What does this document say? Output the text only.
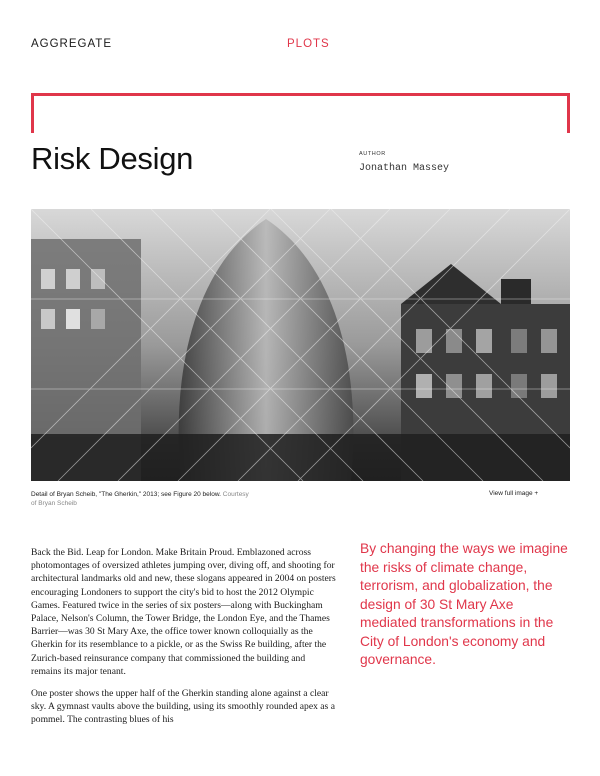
AGGREGATE	PLOTS
Risk Design	AUTHOR
Jonathan Massey
Detail of Bryan Scheib, "The Gherkin," 2013; see Figure 20 below. Courtesy of Bryan Scheib
View full image +

Back the Bid. Leap for London. Make Britain Proud. Emblazoned across photomontages of oversized athletes jumping over, diving off, and shooting for architectural landmarks old and new, these slogans appeared in 2004 on posters encouraging Londoners to support the city's bid to host the 2012 Olympic Games. Featured twice in the series of six posters—along with Buckingham Palace, Nelson's Column, the Tower Bridge, the London Eye, and the Thames Barrier—was 30 St Mary Axe, the office tower known colloquially as the Gherkin for its resemblance to a pickle, or as the Swiss Re building, after the Zurich-based reinsurance company that commissioned the building and remains its major tenant.

One poster shows the upper half of the Gherkin standing alone against a clear sky. A gymnast vaults above the building, using its smoothly rounded apex as a pommel. The contrasting blues of his

By changing the ways we imagine the risks of climate change, terrorism, and globalization, the design of 30 St Mary Axe mediated transformations in the City of London's economy and governance.
